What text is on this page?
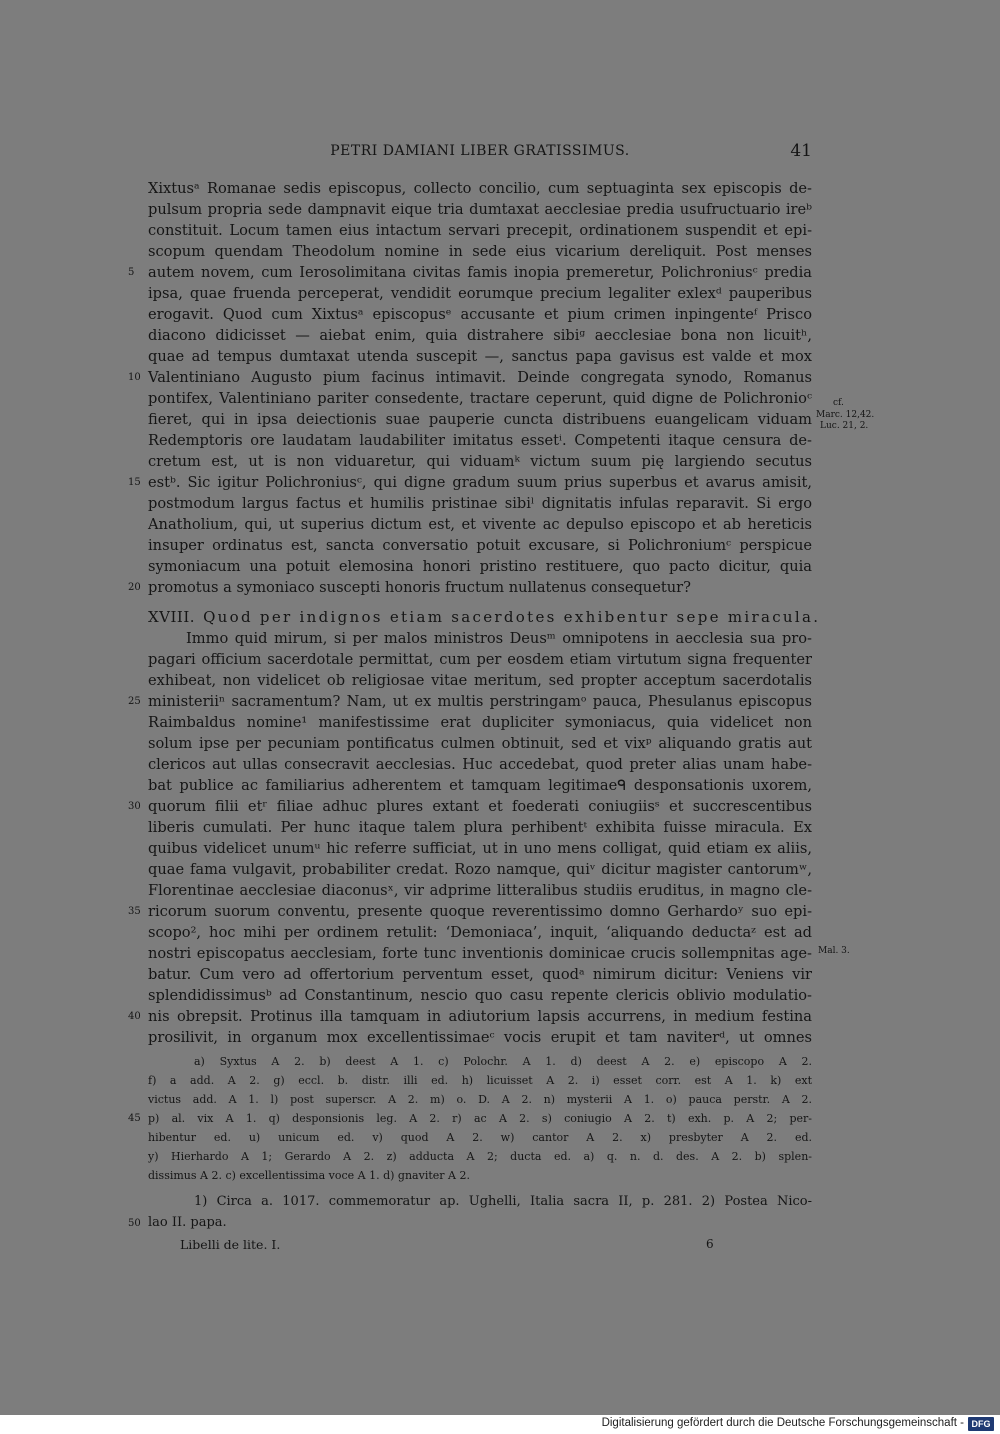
PETRI DAMIANI LIBER GRATISSIMUS.	41
Xixtusᵃ Romanae sedis episcopus, collecto concilio, cum septuaginta sex episcopis de-
pulsum propria sede dampnavit eique tria dumtaxat aecclesiae predia usufructuario ireᵇ
constituit. Locum tamen eius intactum servari precepit, ordinationem suspendit et epi-
scopum quendam Theodolum nomine in sede eius vicarium dereliquit. Post menses
autem novem, cum Ierosolimitana civitas famis inopia premeretur, Polichroniusᶜ predia
ipsa, quae fruenda perceperat, vendidit eorumque precium legaliter exlexᵈ pauperibus
erogavit. Quod cum Xixtusᵃ episcopusᵉ accusante et pium crimen inpingenteᶠ Prisco
diacono didicisset — aiebat enim, quia distrahere sibiᵍ aecclesiae bona non licuitʰ,
quae ad tempus dumtaxat utenda suscepit —, sanctus papa gavisus est valde et mox
Valentiniano Augusto pium facinus intimavit. Deinde congregata synodo, Romanus
pontifex, Valentiniano pariter consedente, tractare ceperunt, quid digne de Polichronioᶜ
fieret, qui in ipsa deiectionis suae pauperie cuncta distribuens euangelicam viduam
Redemptoris ore laudatam laudabiliter imitatus essetⁱ. Competenti itaque censura de-
cretum est, ut is non viduaretur, qui viduamᵏ victum suum pię largiendo secutus
estᵇ. Sic igitur Polichroniusᶜ, qui digne gradum suum prius superbus et avarus amisit,
postmodum largus factus et humilis pristinae sibiˡ dignitatis infulas reparavit. Si ergo
Anatholium, qui, ut superius dictum est, et vivente ac depulso episcopo et ab hereticis
insuper ordinatus est, sancta conversatio potuit excusare, si Polichroniumᶜ perspicue
symoniacum una potuit elemosina honori pristino restituere, quo pacto dicitur, quia
promotus a symoniaco suscepti honoris fructum nullatenus consequetur?
5
10
15
20
cf.
Marc. 12,42.
Luc. 21, 2.
XVIII. Quod per indignos etiam sacerdotes exhibentur sepe miracula.
Immo quid mirum, si per malos ministros Deusᵐ omnipotens in aecclesia sua pro-
pagari officium sacerdotale permittat, cum per eosdem etiam virtutum signa frequenter
exhibeat, non videlicet ob religiosae vitae meritum, sed propter acceptum sacerdotalis
ministeriiⁿ sacramentum? Nam, ut ex multis perstringamᵒ pauca, Phesulanus episcopus
Raimbaldus nomine¹ manifestissime erat dupliciter symoniacus, quia videlicet non
solum ipse per pecuniam pontificatus culmen obtinuit, sed et vixᵖ aliquando gratis aut
clericos aut ullas consecravit aecclesias. Huc accedebat, quod preter alias unam habe-
bat publice ac familiarius adherentem et tamquam legitimaeᑫ desponsationis uxorem,
quorum filii etʳ filiae adhuc plures extant et foederati coniugiisˢ et succrescentibus
liberis cumulati. Per hunc itaque talem plura perhibentᵗ exhibita fuisse miracula. Ex
quibus videlicet unumᵘ hic referre sufficiat, ut in uno mens colligat, quid etiam ex aliis,
quae fama vulgavit, probabiliter credat. Rozo namque, quiᵛ dicitur magister cantorumʷ,
Florentinae aecclesiae diaconusˣ, vir adprime litteralibus studiis eruditus, in magno cle-
ricorum suorum conventu, presente quoque reverentissimo domno Gerhardoʸ suo epi-
scopo², hoc mihi per ordinem retulit: ‘Demoniaca’, inquit, ‘aliquando deductaᶻ est ad
nostri episcopatus aecclesiam, forte tunc inventionis dominicae crucis sollempnitas age-
batur. Cum vero ad offertorium perventum esset, quodᵃ nimirum dicitur: Veniens vir
splendidissimusᵇ ad Constantinum, nescio quo casu repente clericis oblivio modulatio-
nis obrepsit. Protinus illa tamquam in adiutorium lapsis accurrens, in medium festina
prosilivit, in organum mox excellentissimaeᶜ vocis erupit et tam naviterᵈ, ut omnes
25
30
35
40
Mal. 3.
a) Syxtus A 2. b) deest A 1. c) Polochr. A 1. d) deest A 2. e) episcopo A 2.
f) a add. A 2. g) eccl. b. distr. illi ed. h) licuisset A 2. i) esset corr. est A 1. k) ext
victus add. A 1. l) post superscr. A 2. m) o. D. A 2. n) mysterii A 1. o) pauca perstr. A 2.
p) al. vix A 1. q) desponsionis leg. A 2. r) ac A 2. s) coniugio A 2. t) exh. p. A 2; per-
hibentur ed. u) unicum ed. v) quod A 2. w) cantor A 2. x) presbyter A 2. ed.
y) Hierhardo A 1; Gerardo A 2. z) adducta A 2; ducta ed. a) q. n. d. des. A 2. b) splen-
dissimus A 2. c) excellentissima voce A 1. d) gnaviter A 2.
45
1) Circa a. 1017. commemoratur ap. Ughelli, Italia sacra II, p. 281. 2) Postea Nico-
lao II. papa.
50
Libelli de lite. I.	6
Digitalisierung gefördert durch die Deutsche Forschungsgemeinschaft - DFG
